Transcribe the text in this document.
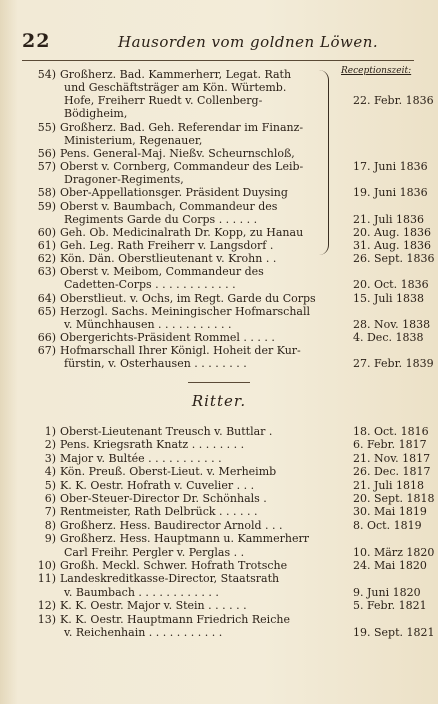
22	Hausorden vom goldnen Löwen.
Receptionszeit:
54) Großherz. Bad. Kammerherr, Legat. Rath
und Geschäftsträger am Kön. Würtemb.
Hofe, Freiherr Ruedt v. Collenberg-	22. Febr. 1836
Bödigheim,
55) Großherz. Bad. Geh. Referendar im Finanz-
Ministerium, Regenauer,
56) Pens. General-Maj. Nießv. Scheurnschloß,
57) Oberst v. Cornberg, Commandeur des Leib-	17. Juni 1836
Dragoner-Regiments,
58) Ober-Appellationsger. Präsident Duysing	19. Juni 1836
59) Oberst v. Baumbach, Commandeur des
Regiments Garde du Corps . . . . . .	21. Juli 1836
60) Geh. Ob. Medicinalrath Dr. Kopp, zu Hanau	20. Aug. 1836
61) Geh. Leg. Rath Freiherr v. Langsdorf .	31. Aug. 1836
62) Kön. Dän. Oberstlieutenant v. Krohn . .	26. Sept. 1836
63) Oberst v. Meibom, Commandeur des
Cadetten-Corps . . . . . . . . . . . .	20. Oct. 1836
64) Oberstlieut. v. Ochs, im Regt. Garde du Corps	15. Juli 1838
65) Herzogl. Sachs. Meiningischer Hofmarschall
v. Münchhausen . . . . . . . . . . .	28. Nov. 1838
66) Obergerichts-Präsident Rommel . . . . .	4. Dec. 1838
67) Hofmarschall Ihrer Königl. Hoheit der Kur-
fürstin, v. Osterhausen . . . . . . . .	27. Febr. 1839
Ritter.
1) Oberst-Lieutenant Treusch v. Buttlar .	18. Oct. 1816
2) Pens. Kriegsrath Knatz . . . . . . . .	6. Febr. 1817
3) Major v. Bultée . . . . . . . . . . .	21. Nov. 1817
4) Kön. Preuß. Oberst-Lieut. v. Merheimb	26. Dec. 1817
5) K. K. Oestr. Hofrath v. Cuvelier . . .	21. Juli 1818
6) Ober-Steuer-Director Dr. Schönhals .	20. Sept. 1818
7) Rentmeister, Rath Delbrück . . . . . .	30. Mai 1819
8) Großherz. Hess. Baudirector Arnold . . .	8. Oct. 1819
9) Großherz. Hess. Hauptmann u. Kammerherr
Carl Freihr. Pergler v. Perglas . .	10. März 1820
10) Großh. Meckl. Schwer. Hofrath Trotsche	24. Mai 1820
11) Landeskreditkasse-Director, Staatsrath
v. Baumbach . . . . . . . . . . . .	9. Juni 1820
12) K. K. Oestr. Major v. Stein . . . . . .	5. Febr. 1821
13) K. K. Oestr. Hauptmann Friedrich Reiche
v. Reichenhain . . . . . . . . . . .	19. Sept. 1821
